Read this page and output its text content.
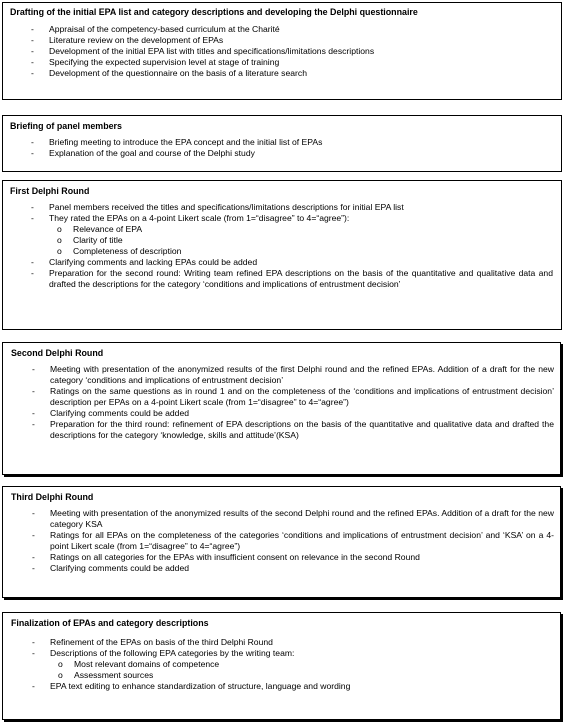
Drafting of the initial EPA list and category descriptions and developing the Delphi questionnaire
- Appraisal of the competency-based curriculum at the Charité
- Literature review on the development of EPAs
- Development of the initial EPA list with titles and specifications/limitations descriptions
- Specifying the expected supervision level at stage of training
- Development of the questionnaire on the basis of a literature search
Briefing of panel members
- Briefing meeting to introduce the EPA concept and the initial list of EPAs
- Explanation of the goal and course of the Delphi study
First Delphi Round
- Panel members received the titles and specifications/limitations descriptions for initial EPA list
- They rated the EPAs on a 4-point Likert scale (from 1=“disagree” to 4=“agree”):
o Relevance of EPA
o Clarity of title
o Completeness of description
- Clarifying comments and lacking EPAs could be added
- Preparation for the second round: Writing team refined EPA descriptions on the basis of the quantitative and qualitative data and drafted the descriptions for the category ‘conditions and implications of entrustment decision’
Second Delphi Round
- Meeting with presentation of the anonymized results of the first Delphi round and the refined EPAs. Addition of a draft for the new category ‘conditions and implications of entrustment decision’
- Ratings on the same questions as in round 1 and on the completeness of the ‘conditions and implications of entrustment decision’ description per EPAs on a 4-point Likert scale (from 1=“disagree” to 4=“agree”)
- Clarifying comments could be added
- Preparation for the third round: refinement of EPA descriptions on the basis of the quantitative and qualitative data and drafted the descriptions for the category ‘knowledge, skills and attitude’(KSA)
Third Delphi Round
- Meeting with presentation of the anonymized results of the second Delphi round and the refined EPAs. Addition of a draft for the new category KSA
- Ratings for all EPAs on the completeness of the categories ‘conditions and implications of entrustment decision’ and ‘KSA’ on a 4-point Likert scale (from 1=“disagree” to 4=“agree”)
- Ratings on all categories for the EPAs with insufficient consent on relevance in the second Round
- Clarifying comments could be added
Finalization of EPAs and category descriptions
- Refinement of the EPAs on basis of the third Delphi Round
- Descriptions of the following EPA categories by the writing team:
o Most relevant domains of competence
o Assessment sources
- EPA text editing to enhance standardization of structure, language and wording
